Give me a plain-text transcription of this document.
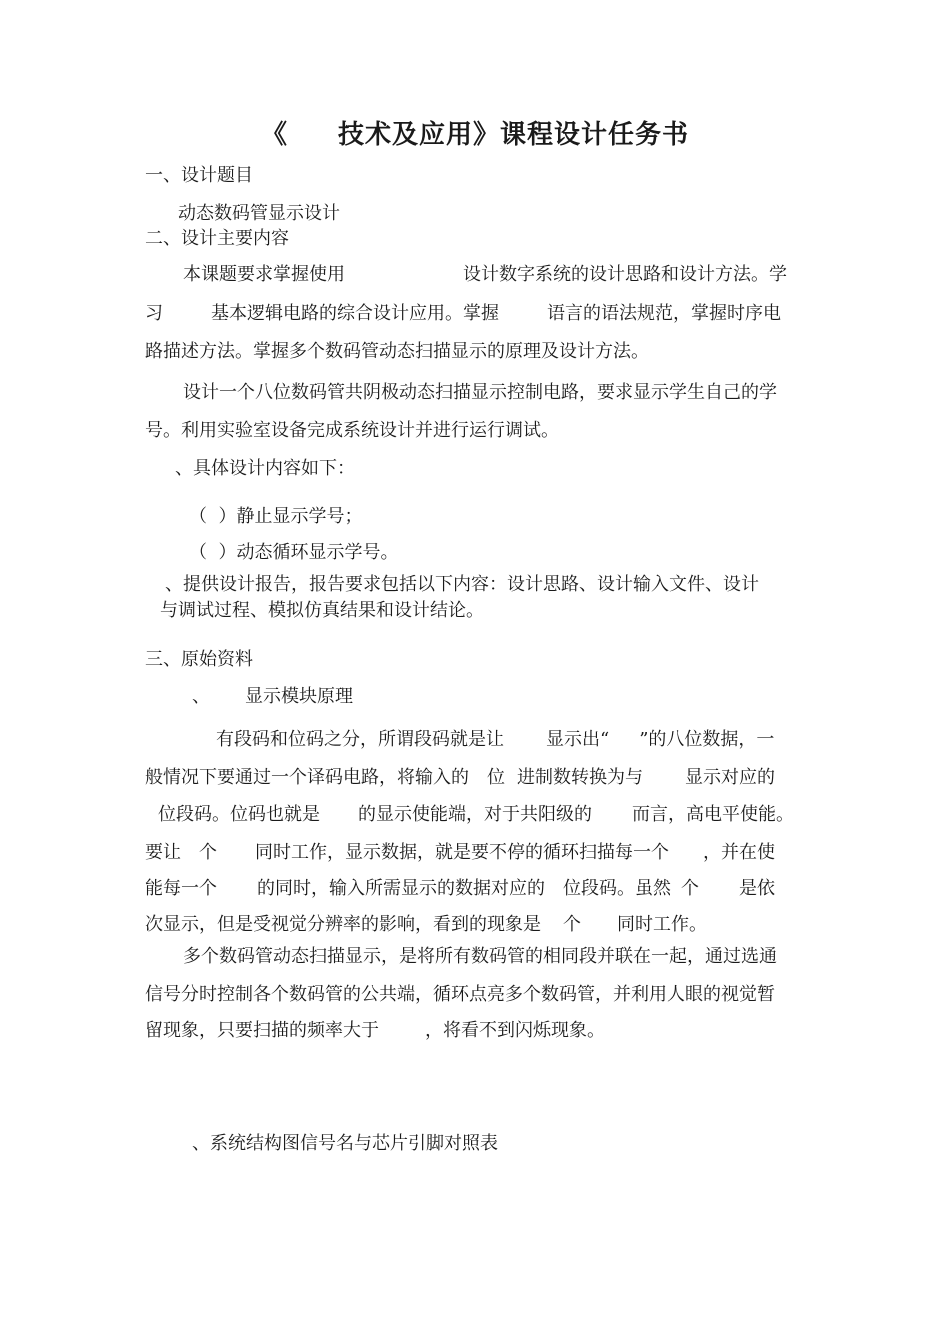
《 技术及应用》课程设计任务书
一、设计题目
动态数码管显示设计
二、设计主要内容
本课题要求掌握使用	设计数字系统的设计思路和设计方法。学
习	基本逻辑电路的综合设计应用。掌握	语言的语法规范，掌握时序电
路描述方法。掌握多个数码管动态扫描显示的原理及设计方法。
设计一个八位数码管共阴极动态扫描显示控制电路，要求显示学生自己的学
号。利用实验室设备完成系统设计并进行运行调试。
、具体设计内容如下：
（  ）静止显示学号；
（  ）动态循环显示学号。
、提供设计报告，报告要求包括以下内容：设计思路、设计输入文件、设计
与调试过程、模拟仿真结果和设计结论。
三、原始资料
、 显示模块原理
有段码和位码之分，所谓段码就是让 显示出“ ”的八位数据，一
般情况下要通过一个译码电路，将输入的 位 进制数转换为与 显示对应的
位段码。位码也就是 的显示使能端，对于共阳级的 而言，高电平使能。
要让 个 同时工作，显示数据，就是要不停的循环扫描每一个 ，并在使
能每一个 的同时，输入所需显示的数据对应的 位段码。虽然 个 是依
次显示，但是受视觉分辨率的影响，看到的现象是 个 同时工作。
多个数码管动态扫描显示，是将所有数码管的相同段并联在一起，通过选通
信号分时控制各个数码管的公共端，循环点亮多个数码管，并利用人眼的视觉暂
留现象，只要扫描的频率大于	，将看不到闪烁现象。
、系统结构图信号名与芯片引脚对照表
